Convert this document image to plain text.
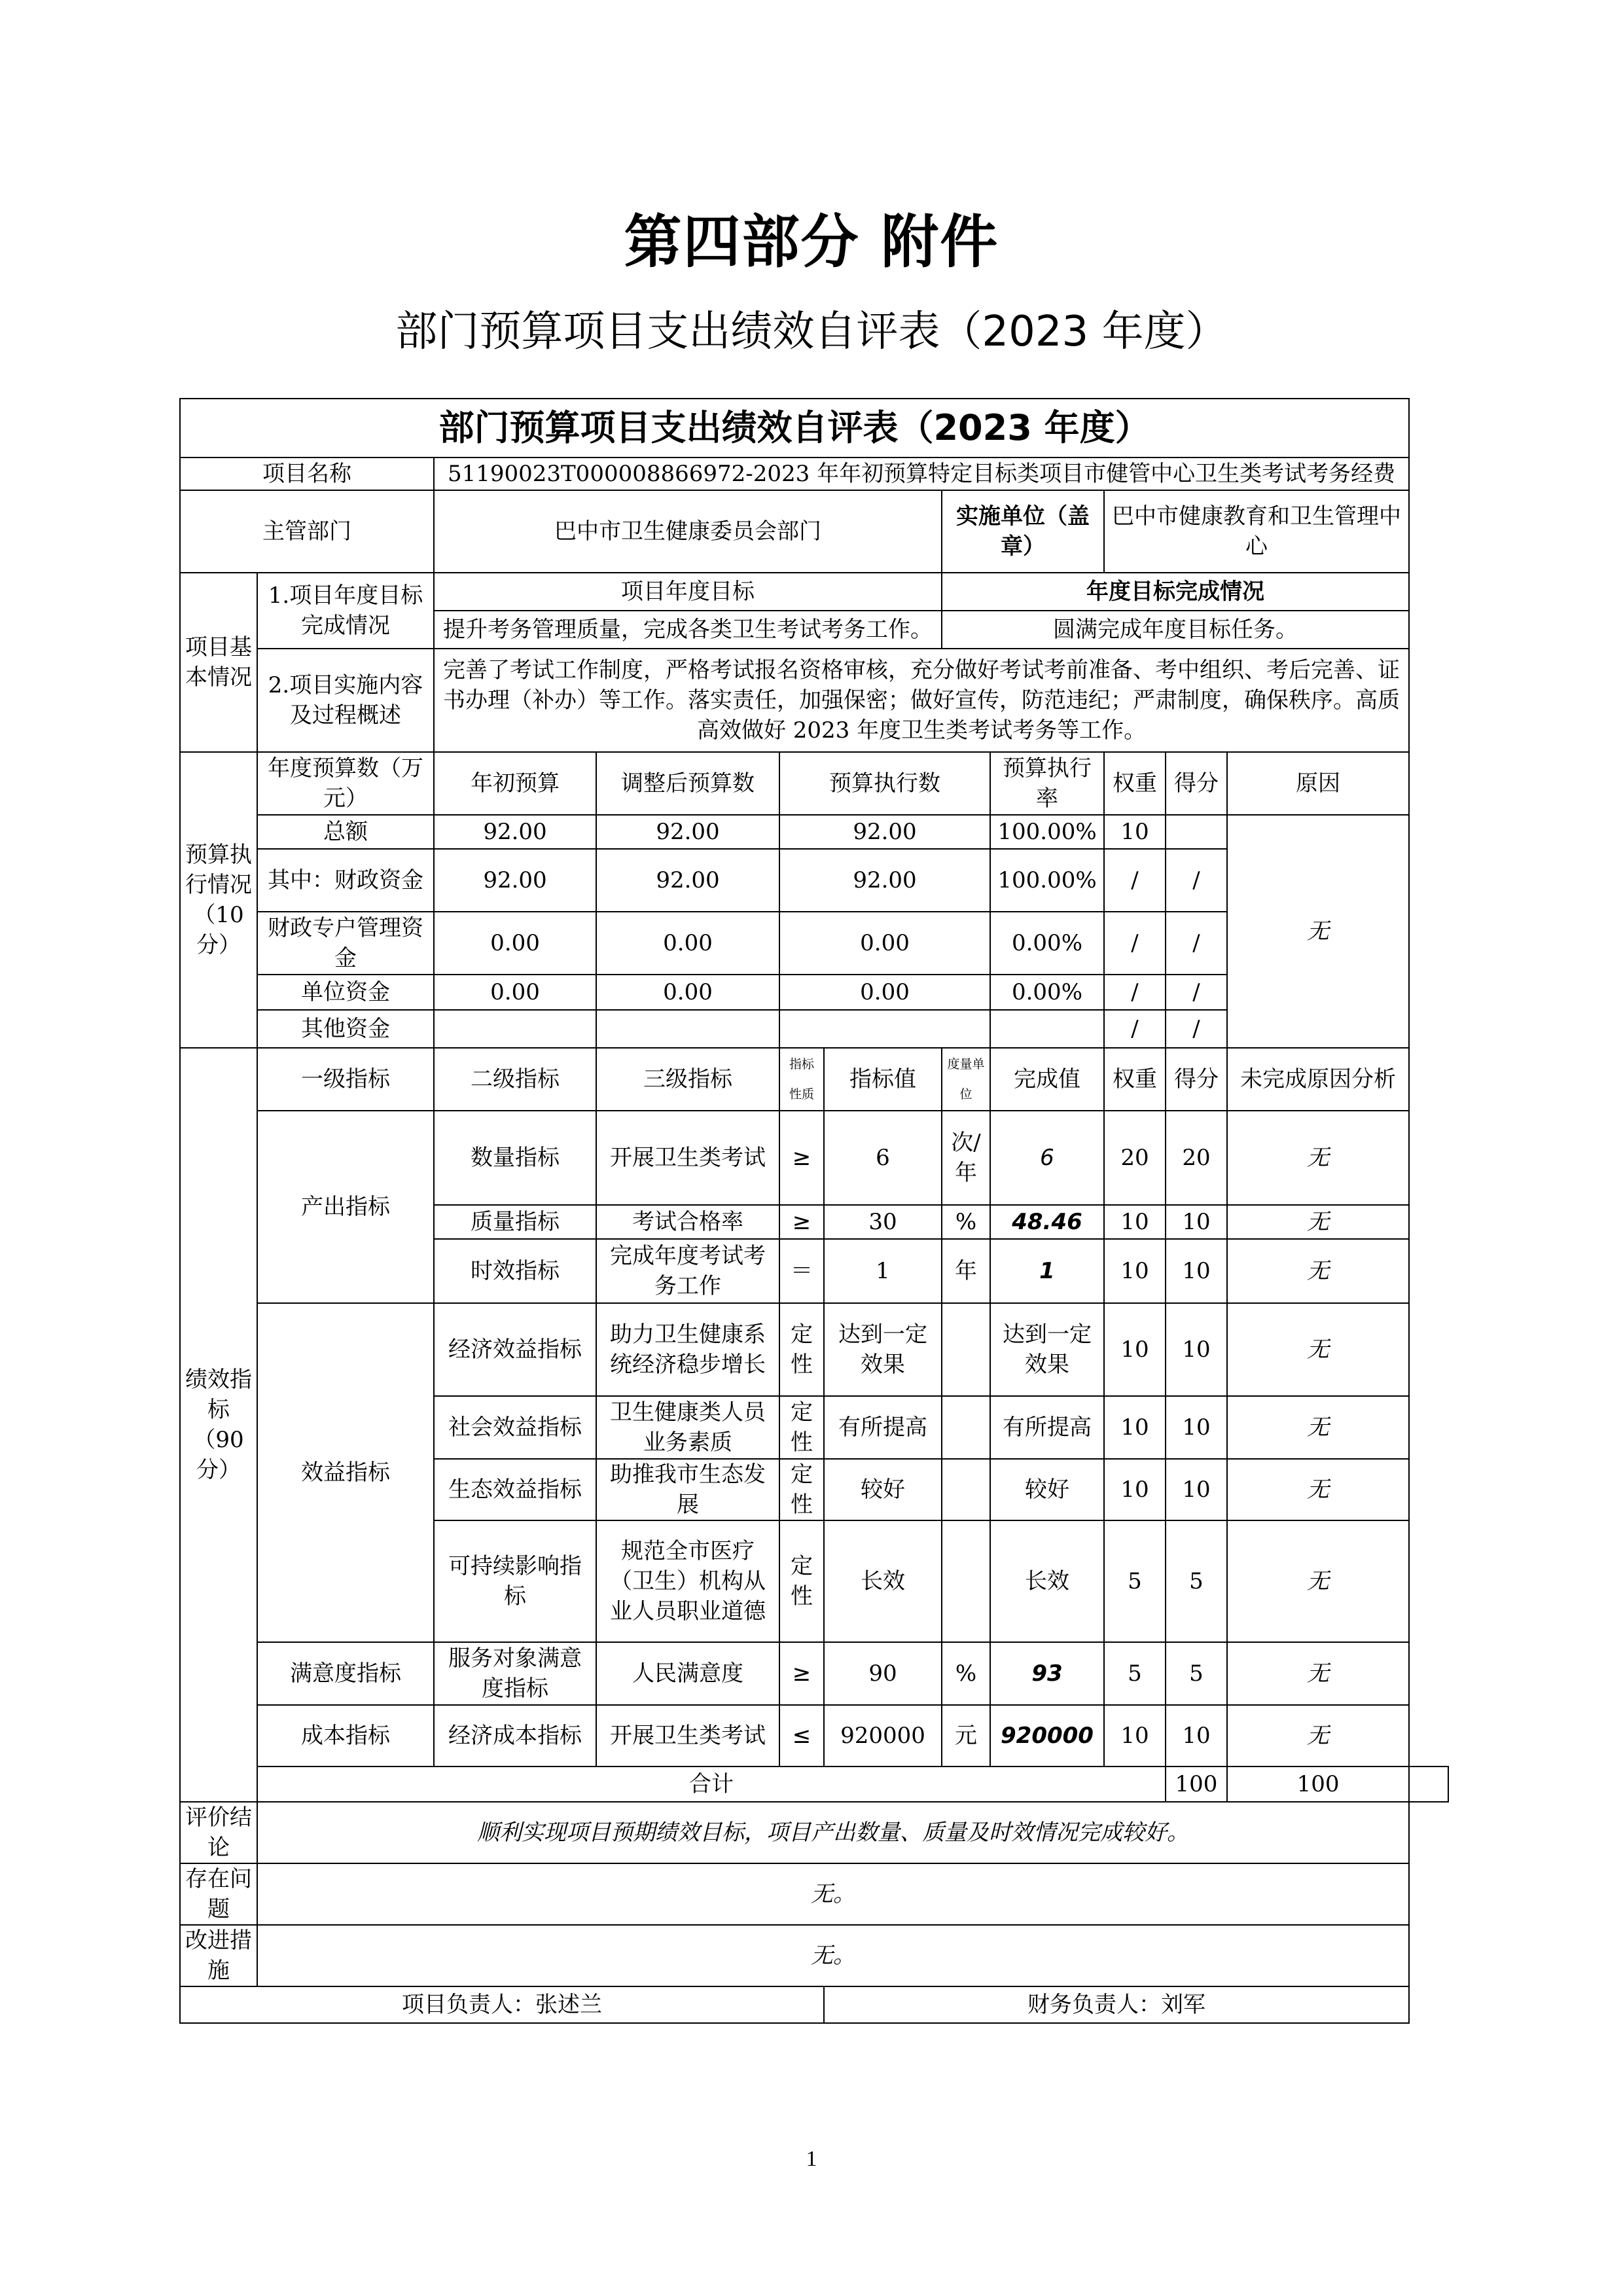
第四部分 附件
部门预算项目支出绩效自评表（2023 年度）
部门预算项目支出绩效自评表（2023 年度）											
项目名称		51190023T000008866972-2023 年年初预算特定目标类项目市健管中心卫生类考试考务经费									
主管部门		巴中市卫生健康委员会部门				实施单位（盖章）		巴中市健康教育和卫生管理中心			
项目基本情况	1.项目年度目标完成情况	项目年度目标				年度目标完成情况					
		提升考务管理质量，完成各类卫生考试考务工作。				圆满完成年度目标任务。					
	2.项目实施内容及过程概述	完善了考试工作制度，严格考试报名资格审核，充分做好考试考前准备、考中组织、考后完善、证书办理（补办）等工作。落实责任，加强保密；做好宣传，防范违纪；严肃制度，确保秩序。高质高效做好 2023 年度卫生类考试考务等工作。									
预算执行情况（10分）	年度预算数（万元）	年初预算	调整后预算数	预算执行数			预算执行率	权重	得分	原因	
	总额	92.00	92.00	92.00			100.00%	10		无	
	其中：财政资金	92.00	92.00	92.00			100.00%	/	/		
	财政专户管理资金	0.00	0.00	0.00			0.00%	/	/		
	单位资金	0.00	0.00	0.00			0.00%	/	/		
	其他资金							/	/		
绩效指标（90分）	一级指标	二级指标	三级指标	指标性质	指标值	度量单位	完成值	权重	得分	未完成原因分析	
	产出指标	数量指标	开展卫生类考试	≥	6	次/年	6	20	20	无	
		质量指标	考试合格率	≥	30	%	48.46	10	10	无	
		时效指标	完成年度考试考务工作	＝	1	年	1	10	10	无	
	效益指标	经济效益指标	助力卫生健康系统经济稳步增长	定性	达到一定效果		达到一定效果	10	10	无	
		社会效益指标	卫生健康类人员业务素质	定性	有所提高		有所提高	10	10	无	
		生态效益指标	助推我市生态发展	定性	较好		较好	10	10	无	
		可持续影响指标	规范全市医疗（卫生）机构从业人员职业道德	定性	长效		长效	5	5	无	
	满意度指标	服务对象满意度指标	人民满意度	≥	90	%	93	5	5	无	
	成本指标	经济成本指标	开展卫生类考试	≤	920000	元	920000	10	10	无	
	合计								100	100	
评价结论	顺利实现项目预期绩效目标，项目产出数量、质量及时效情况完成较好。										
存在问题	无。										
改进措施	无。										
项目负责人：张述兰					财务负责人：刘军						
1
